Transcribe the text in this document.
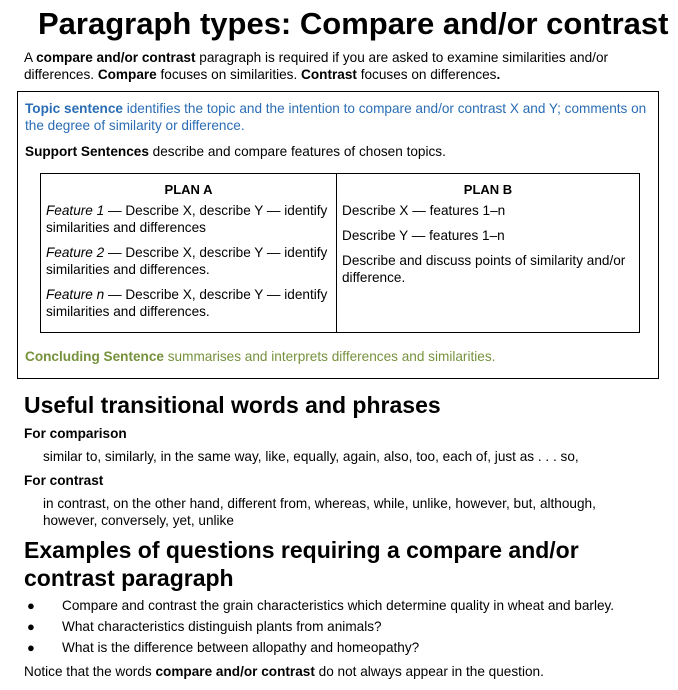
Paragraph types: Compare and/or contrast

A compare and/or contrast paragraph is required if you are asked to examine similarities and/or differences. Compare focuses on similarities. Contrast focuses on differences.

Topic sentence identifies the topic and the intention to compare and/or contrast X and Y; comments on the degree of similarity or difference.

Support Sentences describe and compare features of chosen topics.

PLAN A

Feature 1 — Describe X, describe Y — identify similarities and differences

Feature 2 — Describe X, describe Y — identify similarities and differences.

Feature n — Describe X, describe Y — identify similarities and differences.

PLAN B

Describe X — features 1–n

Describe Y — features 1–n

Describe and discuss points of similarity and/or difference.

Concluding Sentence summarises and interprets differences and similarities.

Useful transitional words and phrases

For comparison

similar to, similarly, in the same way, like, equally, again, also, too, each of, just as . . . so,

For contrast

in contrast, on the other hand, different from, whereas, while, unlike, however, but, although, however, conversely, yet, unlike

Examples of questions requiring a compare and/or contrast paragraph
● Compare and contrast the grain characteristics which determine quality in wheat and barley.
● What characteristics distinguish plants from animals?
● What is the difference between allopathy and homeopathy?

Notice that the words compare and/or contrast do not always appear in the question.
